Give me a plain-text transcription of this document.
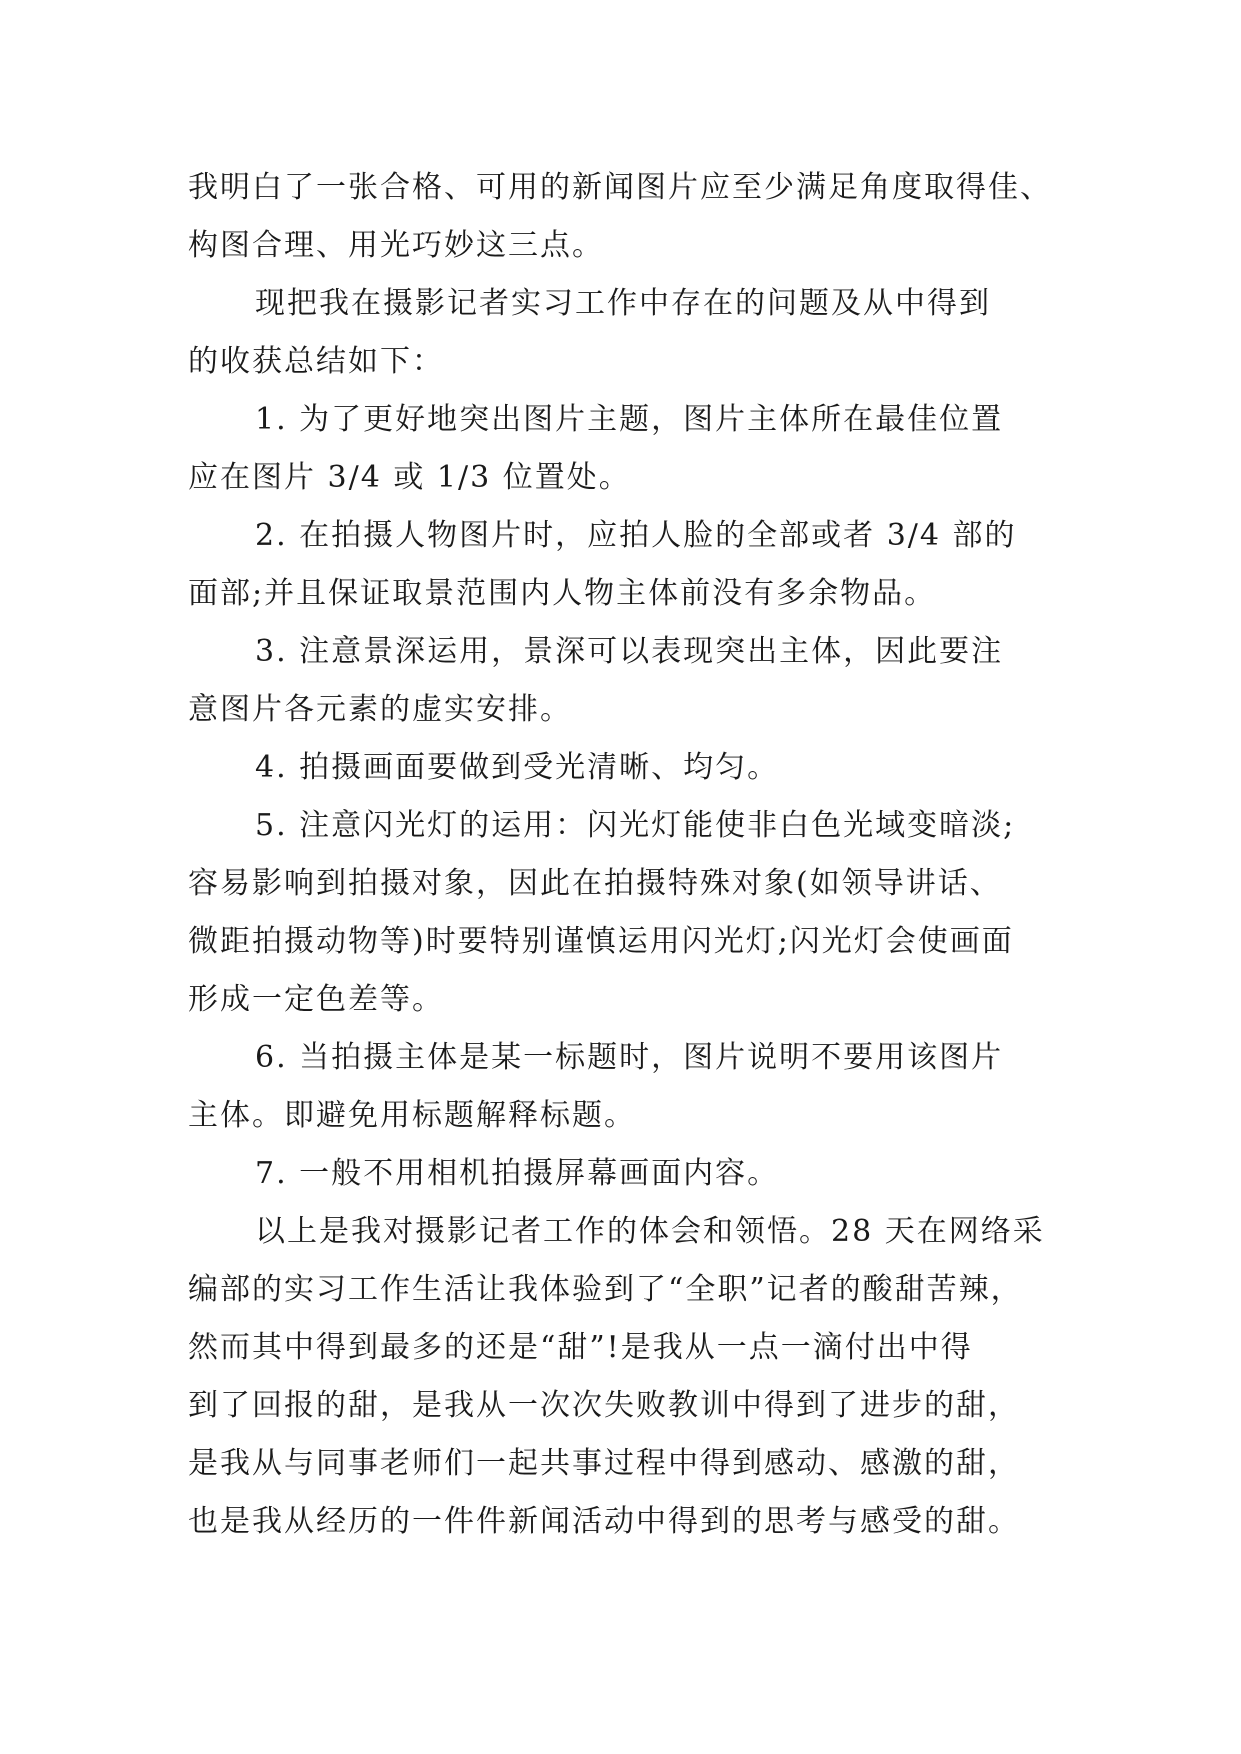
我明白了一张合格、可用的新闻图片应至少满足角度取得佳、
构图合理、用光巧妙这三点。
现把我在摄影记者实习工作中存在的问题及从中得到
的收获总结如下：
1. 为了更好地突出图片主题，图片主体所在最佳位置
应在图片 3/4 或 1/3 位置处。
2. 在拍摄人物图片时，应拍人脸的全部或者 3/4 部的
面部;并且保证取景范围内人物主体前没有多余物品。
3. 注意景深运用，景深可以表现突出主体，因此要注
意图片各元素的虚实安排。
4. 拍摄画面要做到受光清晰、均匀。
5. 注意闪光灯的运用：闪光灯能使非白色光域变暗淡;
容易影响到拍摄对象，因此在拍摄特殊对象(如领导讲话、
微距拍摄动物等)时要特别谨慎运用闪光灯;闪光灯会使画面
形成一定色差等。
6. 当拍摄主体是某一标题时，图片说明不要用该图片
主体。即避免用标题解释标题。
7. 一般不用相机拍摄屏幕画面内容。
以上是我对摄影记者工作的体会和领悟。28 天在网络采
编部的实习工作生活让我体验到了“全职”记者的酸甜苦辣，
然而其中得到最多的还是“甜”!是我从一点一滴付出中得
到了回报的甜，是我从一次次失败教训中得到了进步的甜，
是我从与同事老师们一起共事过程中得到感动、感激的甜，
也是我从经历的一件件新闻活动中得到的思考与感受的甜。
